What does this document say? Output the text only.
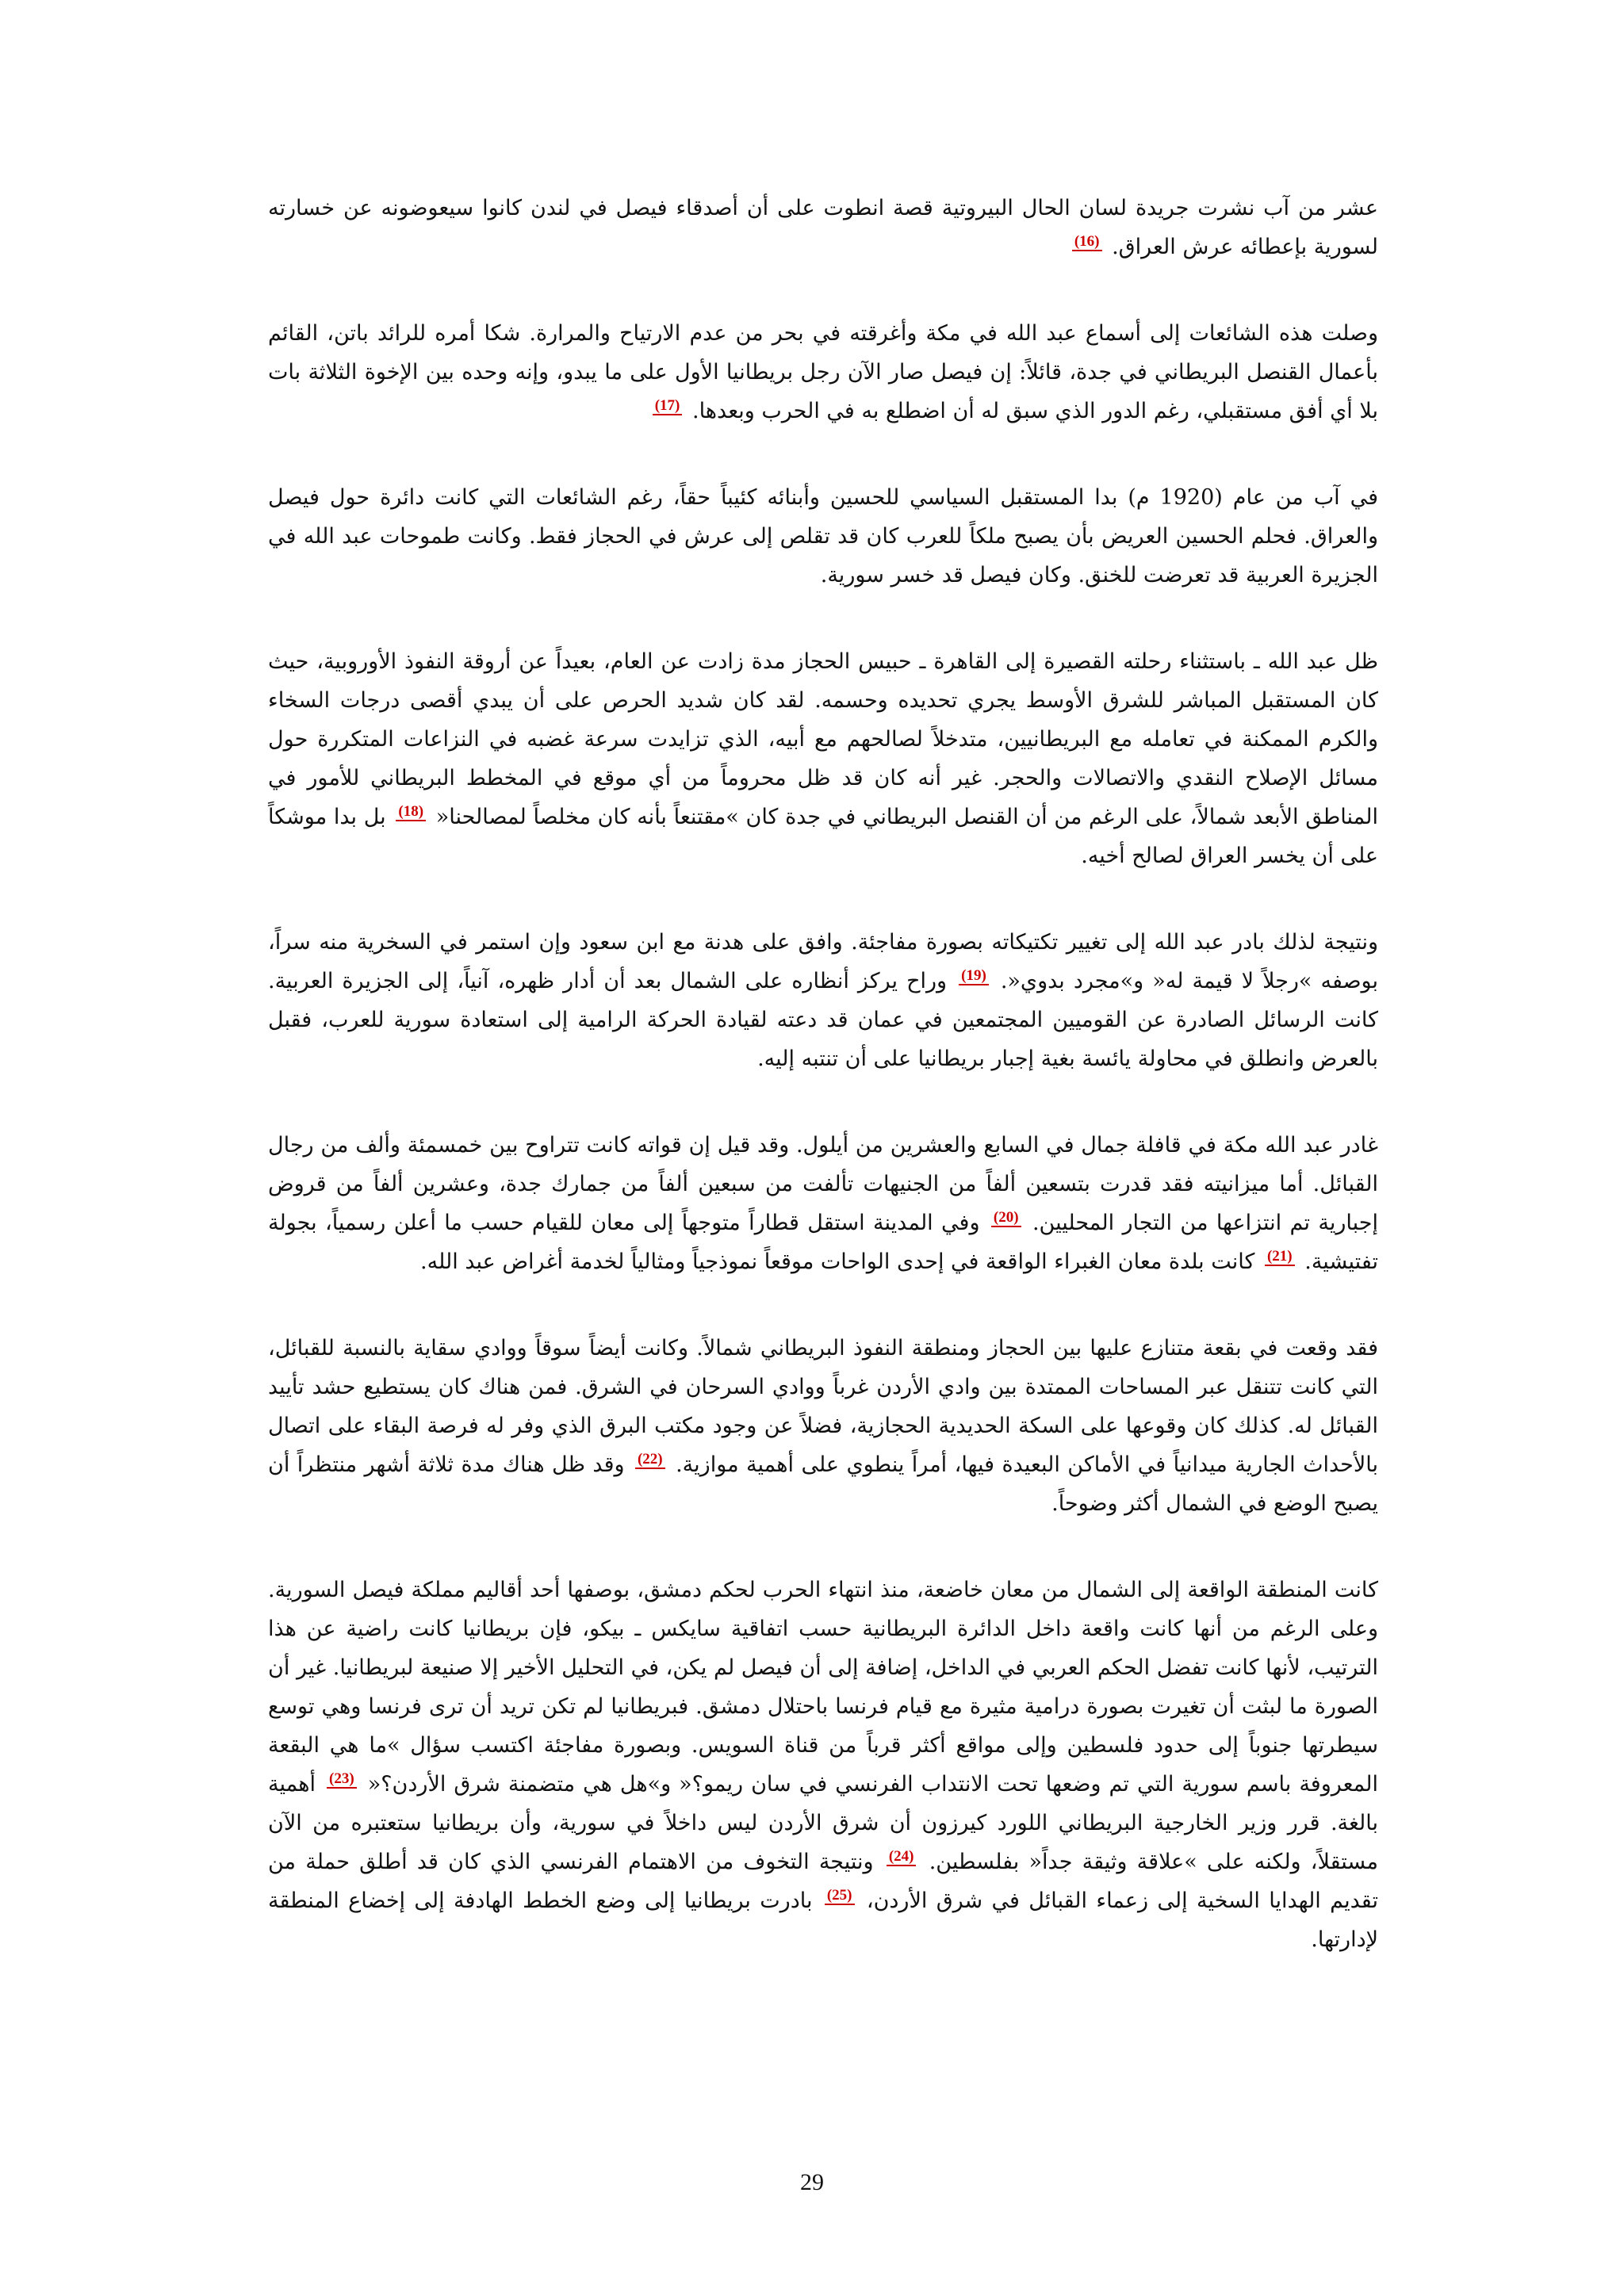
عشر من آب نشرت جريدة لسان الحال البيروتية قصة انطوت على أن أصدقاء فيصل في لندن كانوا سيعوضونه عن خسارته لسورية بإعطائه عرش العراق. (16)

وصلت هذه الشائعات إلى أسماع عبد الله في مكة وأغرقته في بحر من عدم الارتياح والمرارة. شكا أمره للرائد باتن، القائم بأعمال القنصل البريطاني في جدة، قائلاً: إن فيصل صار الآن رجل بريطانيا الأول على ما يبدو، وإنه وحده بين الإخوة الثلاثة بات بلا أي أفق مستقبلي، رغم الدور الذي سبق له أن اضطلع به في الحرب وبعدها. (17)

في آب من عام (1920 م) بدا المستقبل السياسي للحسين وأبنائه كئيباً حقاً، رغم الشائعات التي كانت دائرة حول فيصل والعراق. فحلم الحسين العريض بأن يصبح ملكاً للعرب كان قد تقلص إلى عرش في الحجاز فقط. وكانت طموحات عبد الله في الجزيرة العربية قد تعرضت للخنق. وكان فيصل قد خسر سورية.

ظل عبد الله ـ باستثناء رحلته القصيرة إلى القاهرة ـ حبيس الحجاز مدة زادت عن العام، بعيداً عن أروقة النفوذ الأوروبية، حيث كان المستقبل المباشر للشرق الأوسط يجري تحديده وحسمه. لقد كان شديد الحرص على أن يبدي أقصى درجات السخاء والكرم الممكنة في تعامله مع البريطانيين، متدخلاً لصالحهم مع أبيه، الذي تزايدت سرعة غضبه في النزاعات المتكررة حول مسائل الإصلاح النقدي والاتصالات والحجر. غير أنه كان قد ظل محروماً من أي موقع في المخطط البريطاني للأمور في المناطق الأبعد شمالاً، على الرغم من أن القنصل البريطاني في جدة كان »مقتنعاً بأنه كان مخلصاً لمصالحنا« (18) بل بدا موشكاً على أن يخسر العراق لصالح أخيه.

ونتيجة لذلك بادر عبد الله إلى تغيير تكتيكاته بصورة مفاجئة. وافق على هدنة مع ابن سعود وإن استمر في السخرية منه سراً، بوصفه »رجلاً لا قيمة له« و»مجرد بدوي«. (19) وراح يركز أنظاره على الشمال بعد أن أدار ظهره، آنياً، إلى الجزيرة العربية. كانت الرسائل الصادرة عن القوميين المجتمعين في عمان قد دعته لقيادة الحركة الرامية إلى استعادة سورية للعرب، فقبل بالعرض وانطلق في محاولة يائسة بغية إجبار بريطانيا على أن تنتبه إليه.

غادر عبد الله مكة في قافلة جمال في السابع والعشرين من أيلول. وقد قيل إن قواته كانت تتراوح بين خمسمئة وألف من رجال القبائل. أما ميزانيته فقد قدرت بتسعين ألفاً من الجنيهات تألفت من سبعين ألفاً من جمارك جدة، وعشرين ألفاً من قروض إجبارية تم انتزاعها من التجار المحليين. (20) وفي المدينة استقل قطاراً متوجهاً إلى معان للقيام حسب ما أعلن رسمياً، بجولة تفتيشية. (21) كانت بلدة معان الغبراء الواقعة في إحدى الواحات موقعاً نموذجياً ومثالياً لخدمة أغراض عبد الله.

فقد وقعت في بقعة متنازع عليها بين الحجاز ومنطقة النفوذ البريطاني شمالاً. وكانت أيضاً سوقاً ووادي سقاية بالنسبة للقبائل، التي كانت تتنقل عبر المساحات الممتدة بين وادي الأردن غرباً ووادي السرحان في الشرق. فمن هناك كان يستطيع حشد تأييد القبائل له. كذلك كان وقوعها على السكة الحديدية الحجازية، فضلاً عن وجود مكتب البرق الذي وفر له فرصة البقاء على اتصال بالأحداث الجارية ميدانياً في الأماكن البعيدة فيها، أمراً ينطوي على أهمية موازية. (22) وقد ظل هناك مدة ثلاثة أشهر منتظراً أن يصبح الوضع في الشمال أكثر وضوحاً.

كانت المنطقة الواقعة إلى الشمال من معان خاضعة، منذ انتهاء الحرب لحكم دمشق، بوصفها أحد أقاليم مملكة فيصل السورية. وعلى الرغم من أنها كانت واقعة داخل الدائرة البريطانية حسب اتفاقية سايكس ـ بيكو، فإن بريطانيا كانت راضية عن هذا الترتيب، لأنها كانت تفضل الحكم العربي في الداخل، إضافة إلى أن فيصل لم يكن، في التحليل الأخير إلا صنيعة لبريطانيا. غير أن الصورة ما لبثت أن تغيرت بصورة درامية مثيرة مع قيام فرنسا باحتلال دمشق. فبريطانيا لم تكن تريد أن ترى فرنسا وهي توسع سيطرتها جنوباً إلى حدود فلسطين وإلى مواقع أكثر قرباً من قناة السويس. وبصورة مفاجئة اكتسب سؤال »ما هي البقعة المعروفة باسم سورية التي تم وضعها تحت الانتداب الفرنسي في سان ريمو؟« و»هل هي متضمنة شرق الأردن؟« (23) أهمية بالغة. قرر وزير الخارجية البريطاني اللورد كيرزون أن شرق الأردن ليس داخلاً في سورية، وأن بريطانيا ستعتبره من الآن مستقلاً، ولكنه على »علاقة وثيقة جداً« بفلسطين. (24) ونتيجة التخوف من الاهتمام الفرنسي الذي كان قد أطلق حملة من تقديم الهدايا السخية إلى زعماء القبائل في شرق الأردن، (25) بادرت بريطانيا إلى وضع الخطط الهادفة إلى إخضاع المنطقة لإدارتها.

29
